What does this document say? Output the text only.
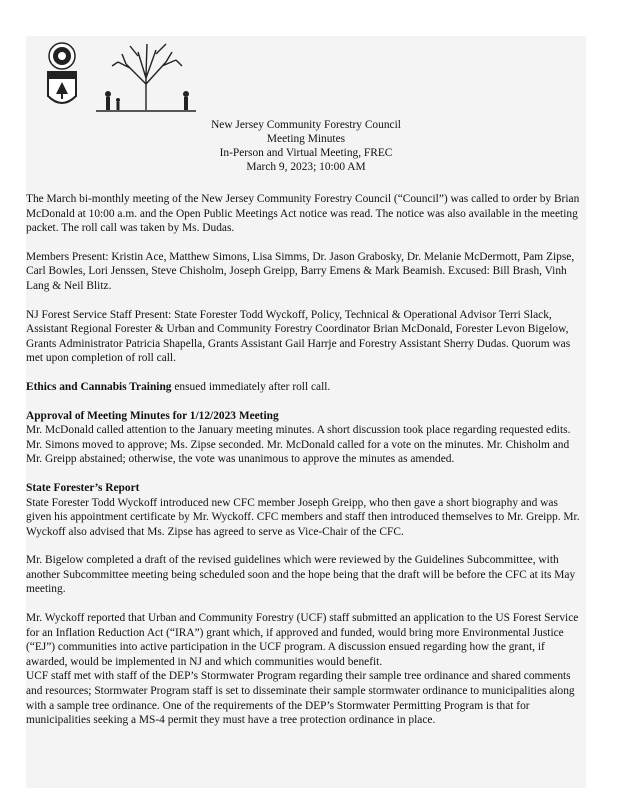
New Jersey Community Forestry Council
Meeting Minutes
In-Person and Virtual Meeting, FREC
March 9, 2023; 10:00 AM

The March bi-monthly meeting of the New Jersey Community Forestry Council (“Council”) was called to order by Brian McDonald at 10:00 a.m. and the Open Public Meetings Act notice was read. The notice was also available in the meeting packet. The roll call was taken by Ms. Dudas.

Members Present: Kristin Ace, Matthew Simons, Lisa Simms, Dr. Jason Grabosky, Dr. Melanie McDermott, Pam Zipse, Carl Bowles, Lori Jenssen, Steve Chisholm, Joseph Greipp, Barry Emens & Mark Beamish. Excused: Bill Brash, Vinh Lang & Neil Blitz.

NJ Forest Service Staff Present: State Forester Todd Wyckoff, Policy, Technical & Operational Advisor Terri Slack, Assistant Regional Forester & Urban and Community Forestry Coordinator Brian McDonald, Forester Levon Bigelow, Grants Administrator Patricia Shapella, Grants Assistant Gail Harrje and Forestry Assistant Sherry Dudas. Quorum was met upon completion of roll call.

Ethics and Cannabis Training ensued immediately after roll call.

Approval of Meeting Minutes for 1/12/2023 Meeting

Mr. McDonald called attention to the January meeting minutes. A short discussion took place regarding requested edits. Mr. Simons moved to approve; Ms. Zipse seconded. Mr. McDonald called for a vote on the minutes. Mr. Chisholm and Mr. Greipp abstained; otherwise, the vote was unanimous to approve the minutes as amended.

State Forester’s Report

State Forester Todd Wyckoff introduced new CFC member Joseph Greipp, who then gave a short biography and was given his appointment certificate by Mr. Wyckoff. CFC members and staff then introduced themselves to Mr. Greipp. Mr. Wyckoff also advised that Ms. Zipse has agreed to serve as Vice-Chair of the CFC.

Mr. Bigelow completed a draft of the revised guidelines which were reviewed by the Guidelines Subcommittee, with another Subcommittee meeting being scheduled soon and the hope being that the draft will be before the CFC at its May meeting.

Mr. Wyckoff reported that Urban and Community Forestry (UCF) staff submitted an application to the US Forest Service for an Inflation Reduction Act (“IRA”) grant which, if approved and funded, would bring more Environmental Justice (“EJ”) communities into active participation in the UCF program. A discussion ensued regarding how the grant, if awarded, would be implemented in NJ and which communities would benefit.

UCF staff met with staff of the DEP’s Stormwater Program regarding their sample tree ordinance and shared comments and resources; Stormwater Program staff is set to disseminate their sample stormwater ordinance to municipalities along with a sample tree ordinance. One of the requirements of the DEP’s Stormwater Permitting Program is that for municipalities seeking a MS-4 permit they must have a tree protection ordinance in place.
